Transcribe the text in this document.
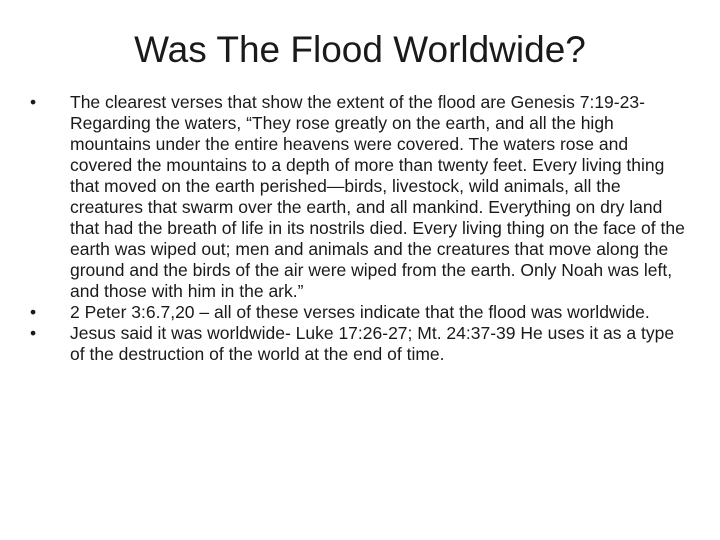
Was The Flood Worldwide?
•	The clearest verses that show the extent of the flood are Genesis 7:19-23- Regarding the waters, “They rose greatly on the earth, and all the high mountains under the entire heavens were covered. The waters rose and covered the mountains to a depth of more than twenty feet. Every living thing that moved on the earth perished—birds, livestock, wild animals, all the creatures that swarm over the earth, and all mankind. Everything on dry land that had the breath of life in its nostrils died. Every living thing on the face of the earth was wiped out; men and animals and the creatures that move along the ground and the birds of the air were wiped from the earth. Only Noah was left, and those with him in the ark.”
•	2 Peter 3:6.7,20 – all of these verses indicate that the flood was worldwide.
•	Jesus said it was worldwide- Luke 17:26-27; Mt. 24:37-39 He uses it as a type of the destruction of the world at the end of time.
